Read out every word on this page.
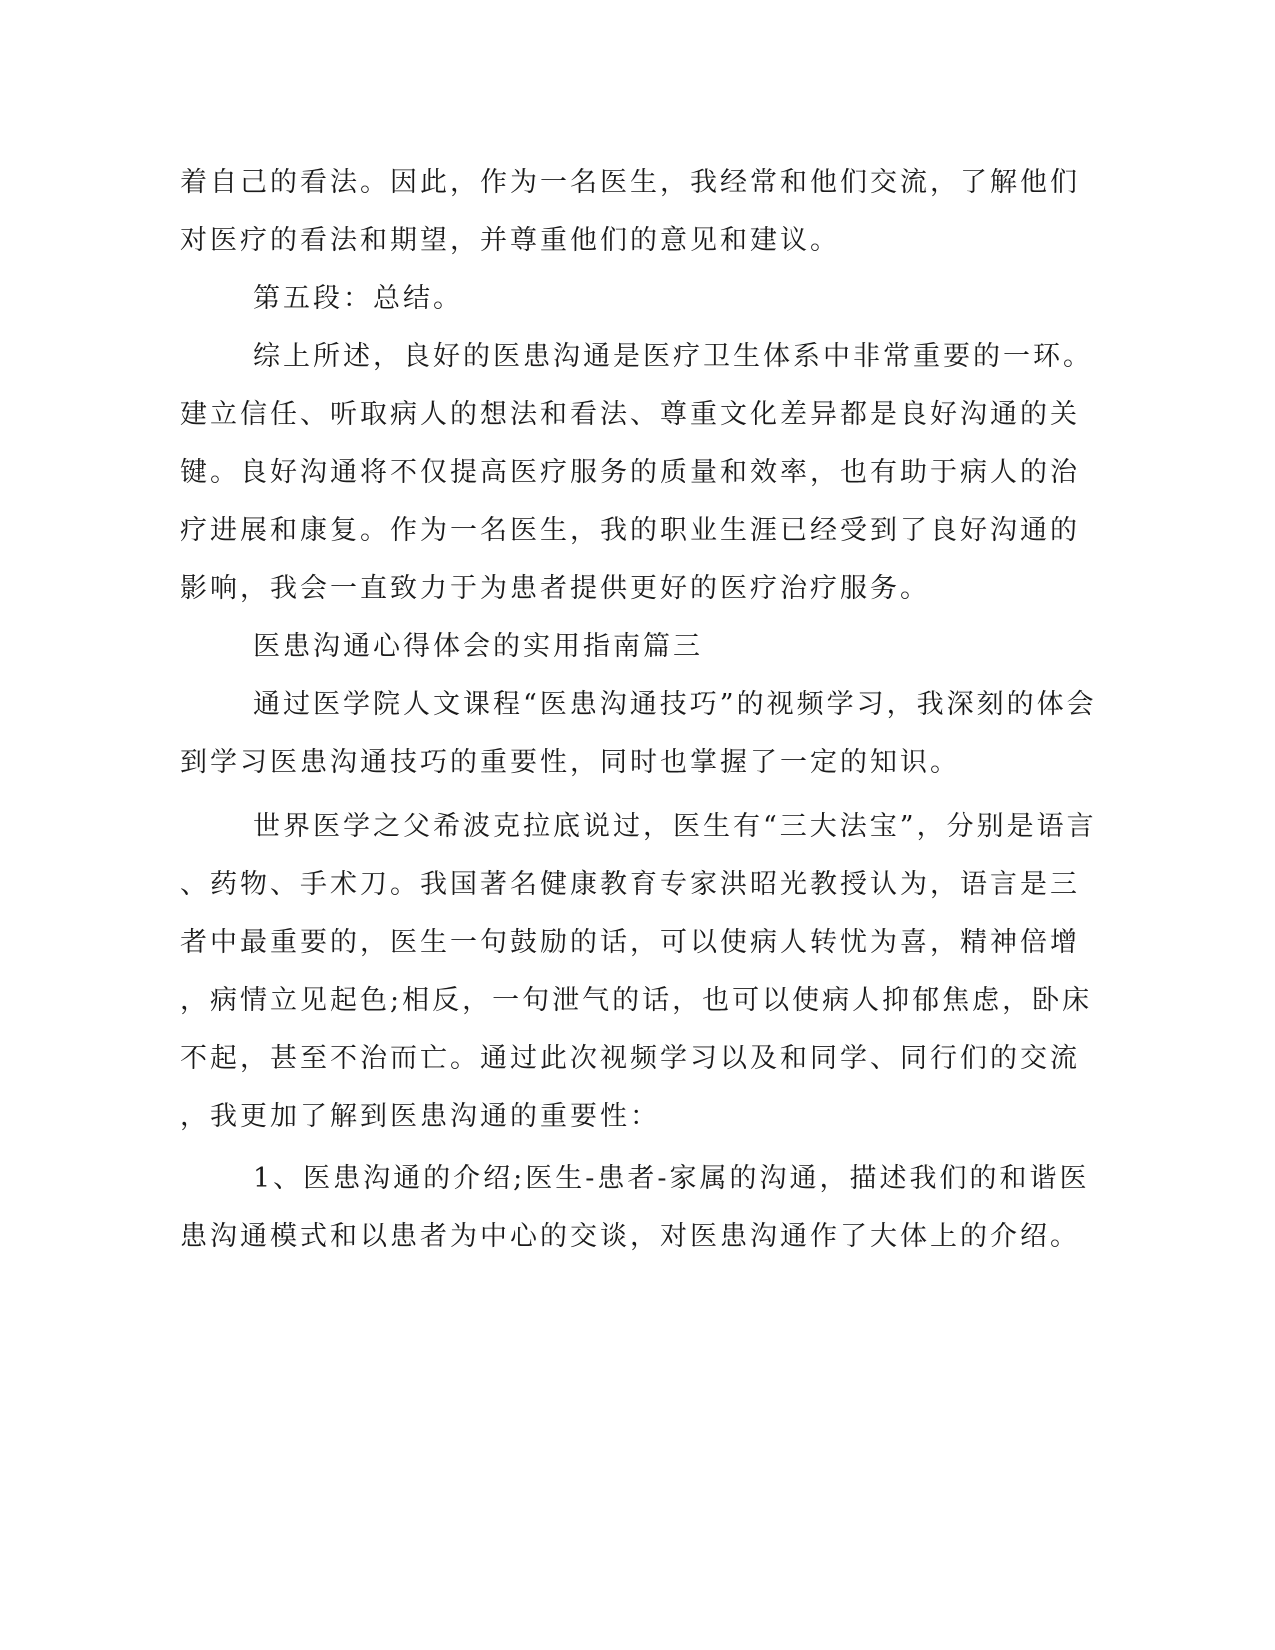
着自己的看法。因此，作为一名医生，我经常和他们交流，了解他们
对医疗的看法和期望，并尊重他们的意见和建议。
第五段：总结。
综上所述，良好的医患沟通是医疗卫生体系中非常重要的一环。
建立信任、听取病人的想法和看法、尊重文化差异都是良好沟通的关
键。良好沟通将不仅提高医疗服务的质量和效率，也有助于病人的治
疗进展和康复。作为一名医生，我的职业生涯已经受到了良好沟通的
影响，我会一直致力于为患者提供更好的医疗治疗服务。
医患沟通心得体会的实用指南篇三
通过医学院人文课程“医患沟通技巧”的视频学习，我深刻的体会
到学习医患沟通技巧的重要性，同时也掌握了一定的知识。
世界医学之父希波克拉底说过，医生有“三大法宝”，分别是语言
、药物、手术刀。我国著名健康教育专家洪昭光教授认为，语言是三
者中最重要的，医生一句鼓励的话，可以使病人转忧为喜，精神倍增
，病情立见起色;相反，一句泄气的话，也可以使病人抑郁焦虑，卧床
不起，甚至不治而亡。通过此次视频学习以及和同学、同行们的交流
，我更加了解到医患沟通的重要性：
1、医患沟通的介绍;医生-患者-家属的沟通，描述我们的和谐医
患沟通模式和以患者为中心的交谈，对医患沟通作了大体上的介绍。
